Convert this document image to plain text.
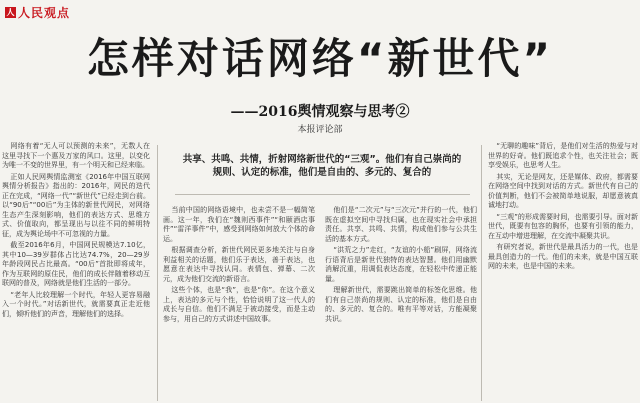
人 人民观点
怎样对话网络“新世代”
——2016舆情观察与思考②
本报评论部
共享、共鸣、共情，折射网络新世代的“三观”。他们有自己崇尚的
规则、认定的标准，他们是自由的、多元的、复合的

网络有着“无人可以预测的未来”，无数人在这里寻找下一个惠及万家的风口。这里，以变化为唯一不变的世界里，有一个明天和已经来临。

正如人民网舆情监测室《2016年中国互联网舆情分析报告》指出的：2016年，网民的迭代正在完成，“网络一代”“新世代”已经走到台前。以“90后”“00后”为主体的新世代网民，对网络生态产生深刻影响，他们的表达方式、思维方式、价值取向，都呈现出与以往不同的鲜明特征，成为舆论场中不可忽视的力量。

截至2016年6月，中国网民规模达7.10亿，其中10—39岁群体占比达74.7%，20—29岁年龄段网民占比最高。“00后”首批即将成年，作为互联网的原住民，他们的成长伴随着移动互联网的普及，网络就是他们生活的一部分。

“老年人比较理解一个时代，年轻人更容易融入一个时代。”对话新世代，就需要真正走近他们，倾听他们的声音，理解他们的选择。

当前中国的网络语境中，也未尝不是一幅简笔画。这一年，我们在“魏则西事件”“和颐酒店事件”“雷洋事件”中，感受到网络如何放大个体的命运。

根据调查分析，新世代网民更多地关注与自身利益相关的话题，他们乐于表达，善于表达，也愿意在表达中寻找认同。表情包、弹幕、二次元，成为他们交流的新语言。

这些个体，也是“我”，也是“你”。在这个意义上，表达的多元与个性，恰恰说明了这一代人的成长与自信。他们不满足于被动接受，而是主动参与，用自己的方式讲述中国故事。

他们是“二次元”与“三次元”并行的一代，他们既在虚拟空间中寻找归属，也在现实社会中承担责任。共享、共鸣、共情，构成他们参与公共生活的基本方式。

“洪荒之力”走红，“友谊的小船”刷屏，网络流行语背后是新世代独特的表达智慧。他们用幽默消解沉重，用调侃表达态度，在轻松中传递正能量。

理解新世代，需要跳出简单的标签化思维。他们有自己崇尚的规则、认定的标准，他们是自由的、多元的、复合的。唯有平等对话，方能凝聚共识。

“无聊的趣味”背后，是他们对生活的热爱与对世界的好奇。他们既追求个性，也关注社会；既享受娱乐，也思考人生。

其实，无论是网友，还是媒体、政府，都需要在网络空间中找到对话的方式。新世代有自己的价值判断，他们不会被简单地说服，却愿意被真诚地打动。

“三观”的形成需要时间，也需要引导。面对新世代，既要有包容的胸怀，也要有引领的能力，在互动中增进理解，在交流中凝聚共识。

有研究者说，新世代是最具活力的一代，也是最具创造力的一代。他们的未来，就是中国互联网的未来，也是中国的未来。
